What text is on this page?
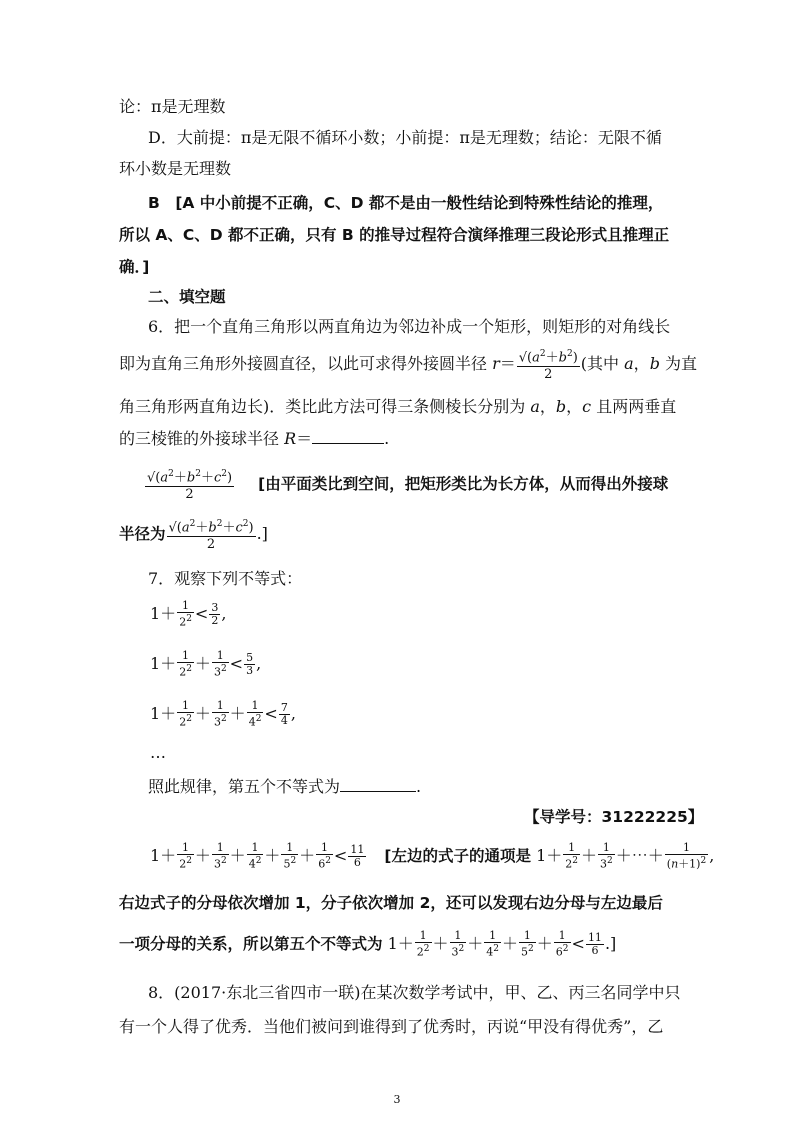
论：π是无理数
D．大前提：π是无限不循环小数；小前提：π是无理数；结论：无限不循
环小数是无理数
B　[A 中小前提不正确，C、D 都不是由一般性结论到特殊性结论的推理，
所以 A、C、D 都不正确，只有 B 的推导过程符合演绎推理三段论形式且推理正
确．]
二、填空题
6．把一个直角三角形以两直角边为邻边补成一个矩形，则矩形的对角线长
即为直角三角形外接圆直径，以此可求得外接圆半径 $r= \frac{√(a^2+b^2)}{2}$ (其中 a，b 为直
角三角形两直角边长)．类比此方法可得三条侧棱长分别为 a，b，c 且两两垂直
的三棱锥的外接球半径 R＝	.
$\frac{√(a^2+b^2+c^2)}{2}$ [由平面类比到空间，把矩形类比为长方体，从而得出外接球
半径为 $\frac{√(a^2+b^2+c^2)}{2}$ .]
7．观察下列不等式：
$1+ \frac{1}{2^2} < \frac{3}{2}$ ,
$1+ \frac{1}{2^2} + \frac{1}{3^2} < \frac{5}{3}$ ,
$1+ \frac{1}{2^2} + \frac{1}{3^2} + \frac{1}{4^2} < \frac{7}{4}$ ,
…
照此规律，第五个不等式为	.
【导学号：31222225】
$1+ \frac{1}{2^2} + \frac{1}{3^2} + \frac{1}{4^2} + \frac{1}{5^2} + \frac{1}{6^2} < \frac{11}{6}$ [左边的式子的通项是 $1+ \frac{1}{2^2} + \frac{1}{3^2}$ ＋⋯＋ $\frac{1}{(n+1)^2}$ ,
右边式子的分母依次增加 1，分子依次增加 2，还可以发现右边分母与左边最后
一项分母的关系，所以第五个不等式为 $1+ \frac{1}{2^2} + \frac{1}{3^2} + \frac{1}{4^2} + \frac{1}{5^2} + \frac{1}{6^2} < \frac{11}{6}$ .]
8．(2017·东北三省四市一联)在某次数学考试中，甲、乙、丙三名同学中只
有一个人得了优秀．当他们被问到谁得到了优秀时，丙说“甲没有得优秀”，乙
3
